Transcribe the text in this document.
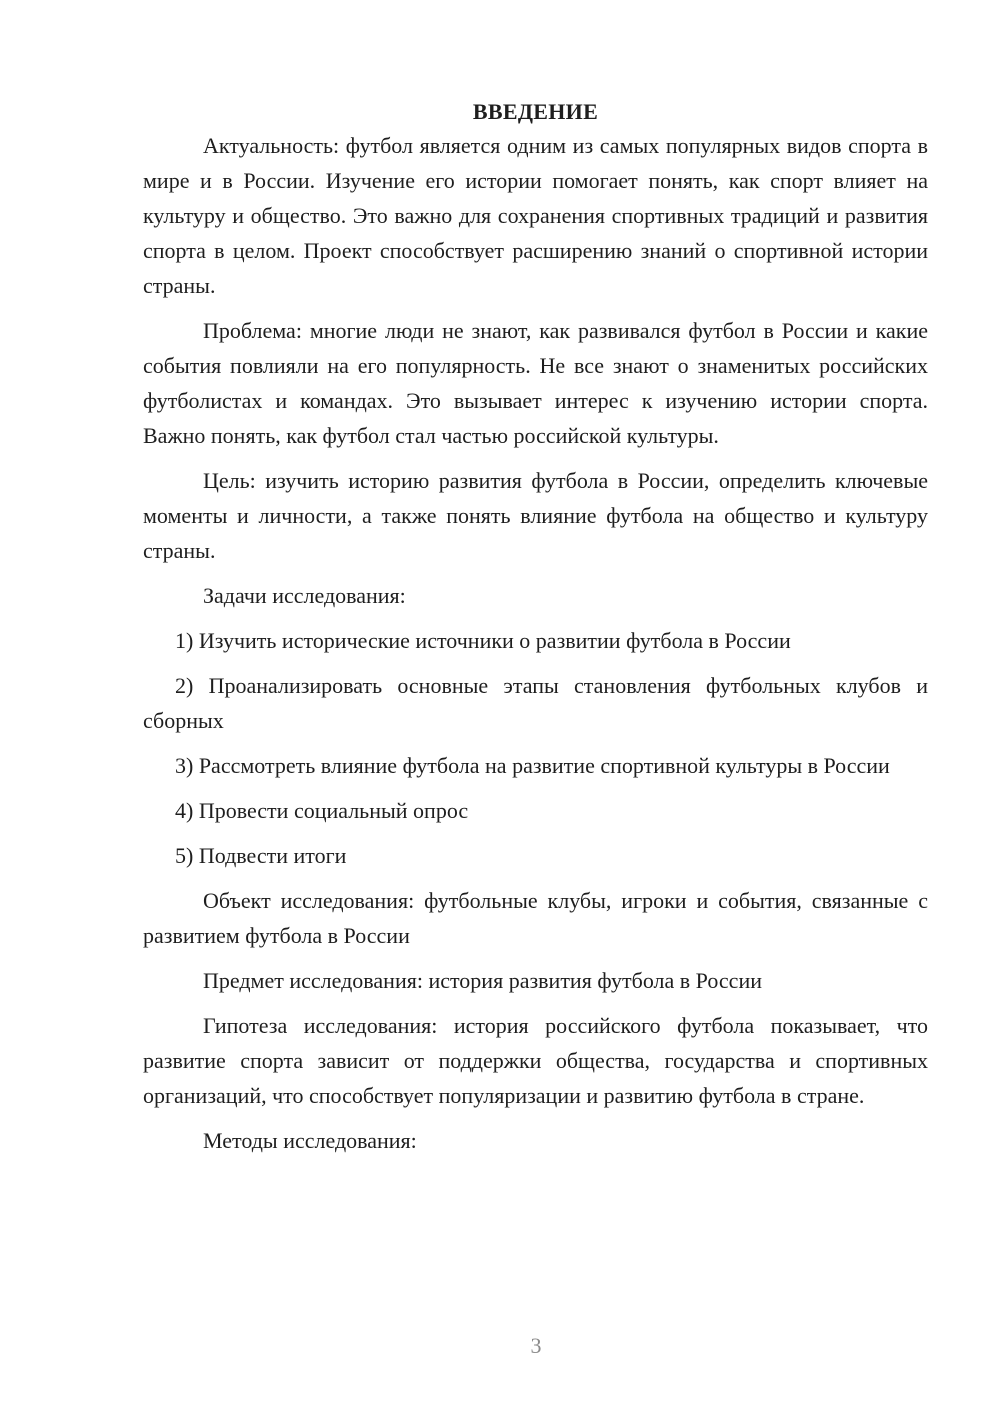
ВВЕДЕНИЕ

Актуальность: футбол является одним из самых популярных видов спорта в мире и в России. Изучение его истории помогает понять, как спорт влияет на культуру и общество. Это важно для сохранения спортивных традиций и развития спорта в целом. Проект способствует расширению знаний о спортивной истории страны.

Проблема: многие люди не знают, как развивался футбол в России и какие события повлияли на его популярность. Не все знают о знаменитых российских футболистах и командах. Это вызывает интерес к изучению истории спорта. Важно понять, как футбол стал частью российской культуры.

Цель: изучить историю развития футбола в России, определить ключевые моменты и личности, а также понять влияние футбола на общество и культуру страны.

Задачи исследования:

1) Изучить исторические источники о развитии футбола в России

2) Проанализировать основные этапы становления футбольных клубов и сборных

3) Рассмотреть влияние футбола на развитие спортивной культуры в России

4) Провести социальный опрос

5) Подвести итоги

Объект исследования: футбольные клубы, игроки и события, связанные с развитием футбола в России

Предмет исследования: история развития футбола в России

Гипотеза исследования: история российского футбола показывает, что развитие спорта зависит от поддержки общества, государства и спортивных организаций, что способствует популяризации и развитию футбола в стране.

Методы исследования:

3
